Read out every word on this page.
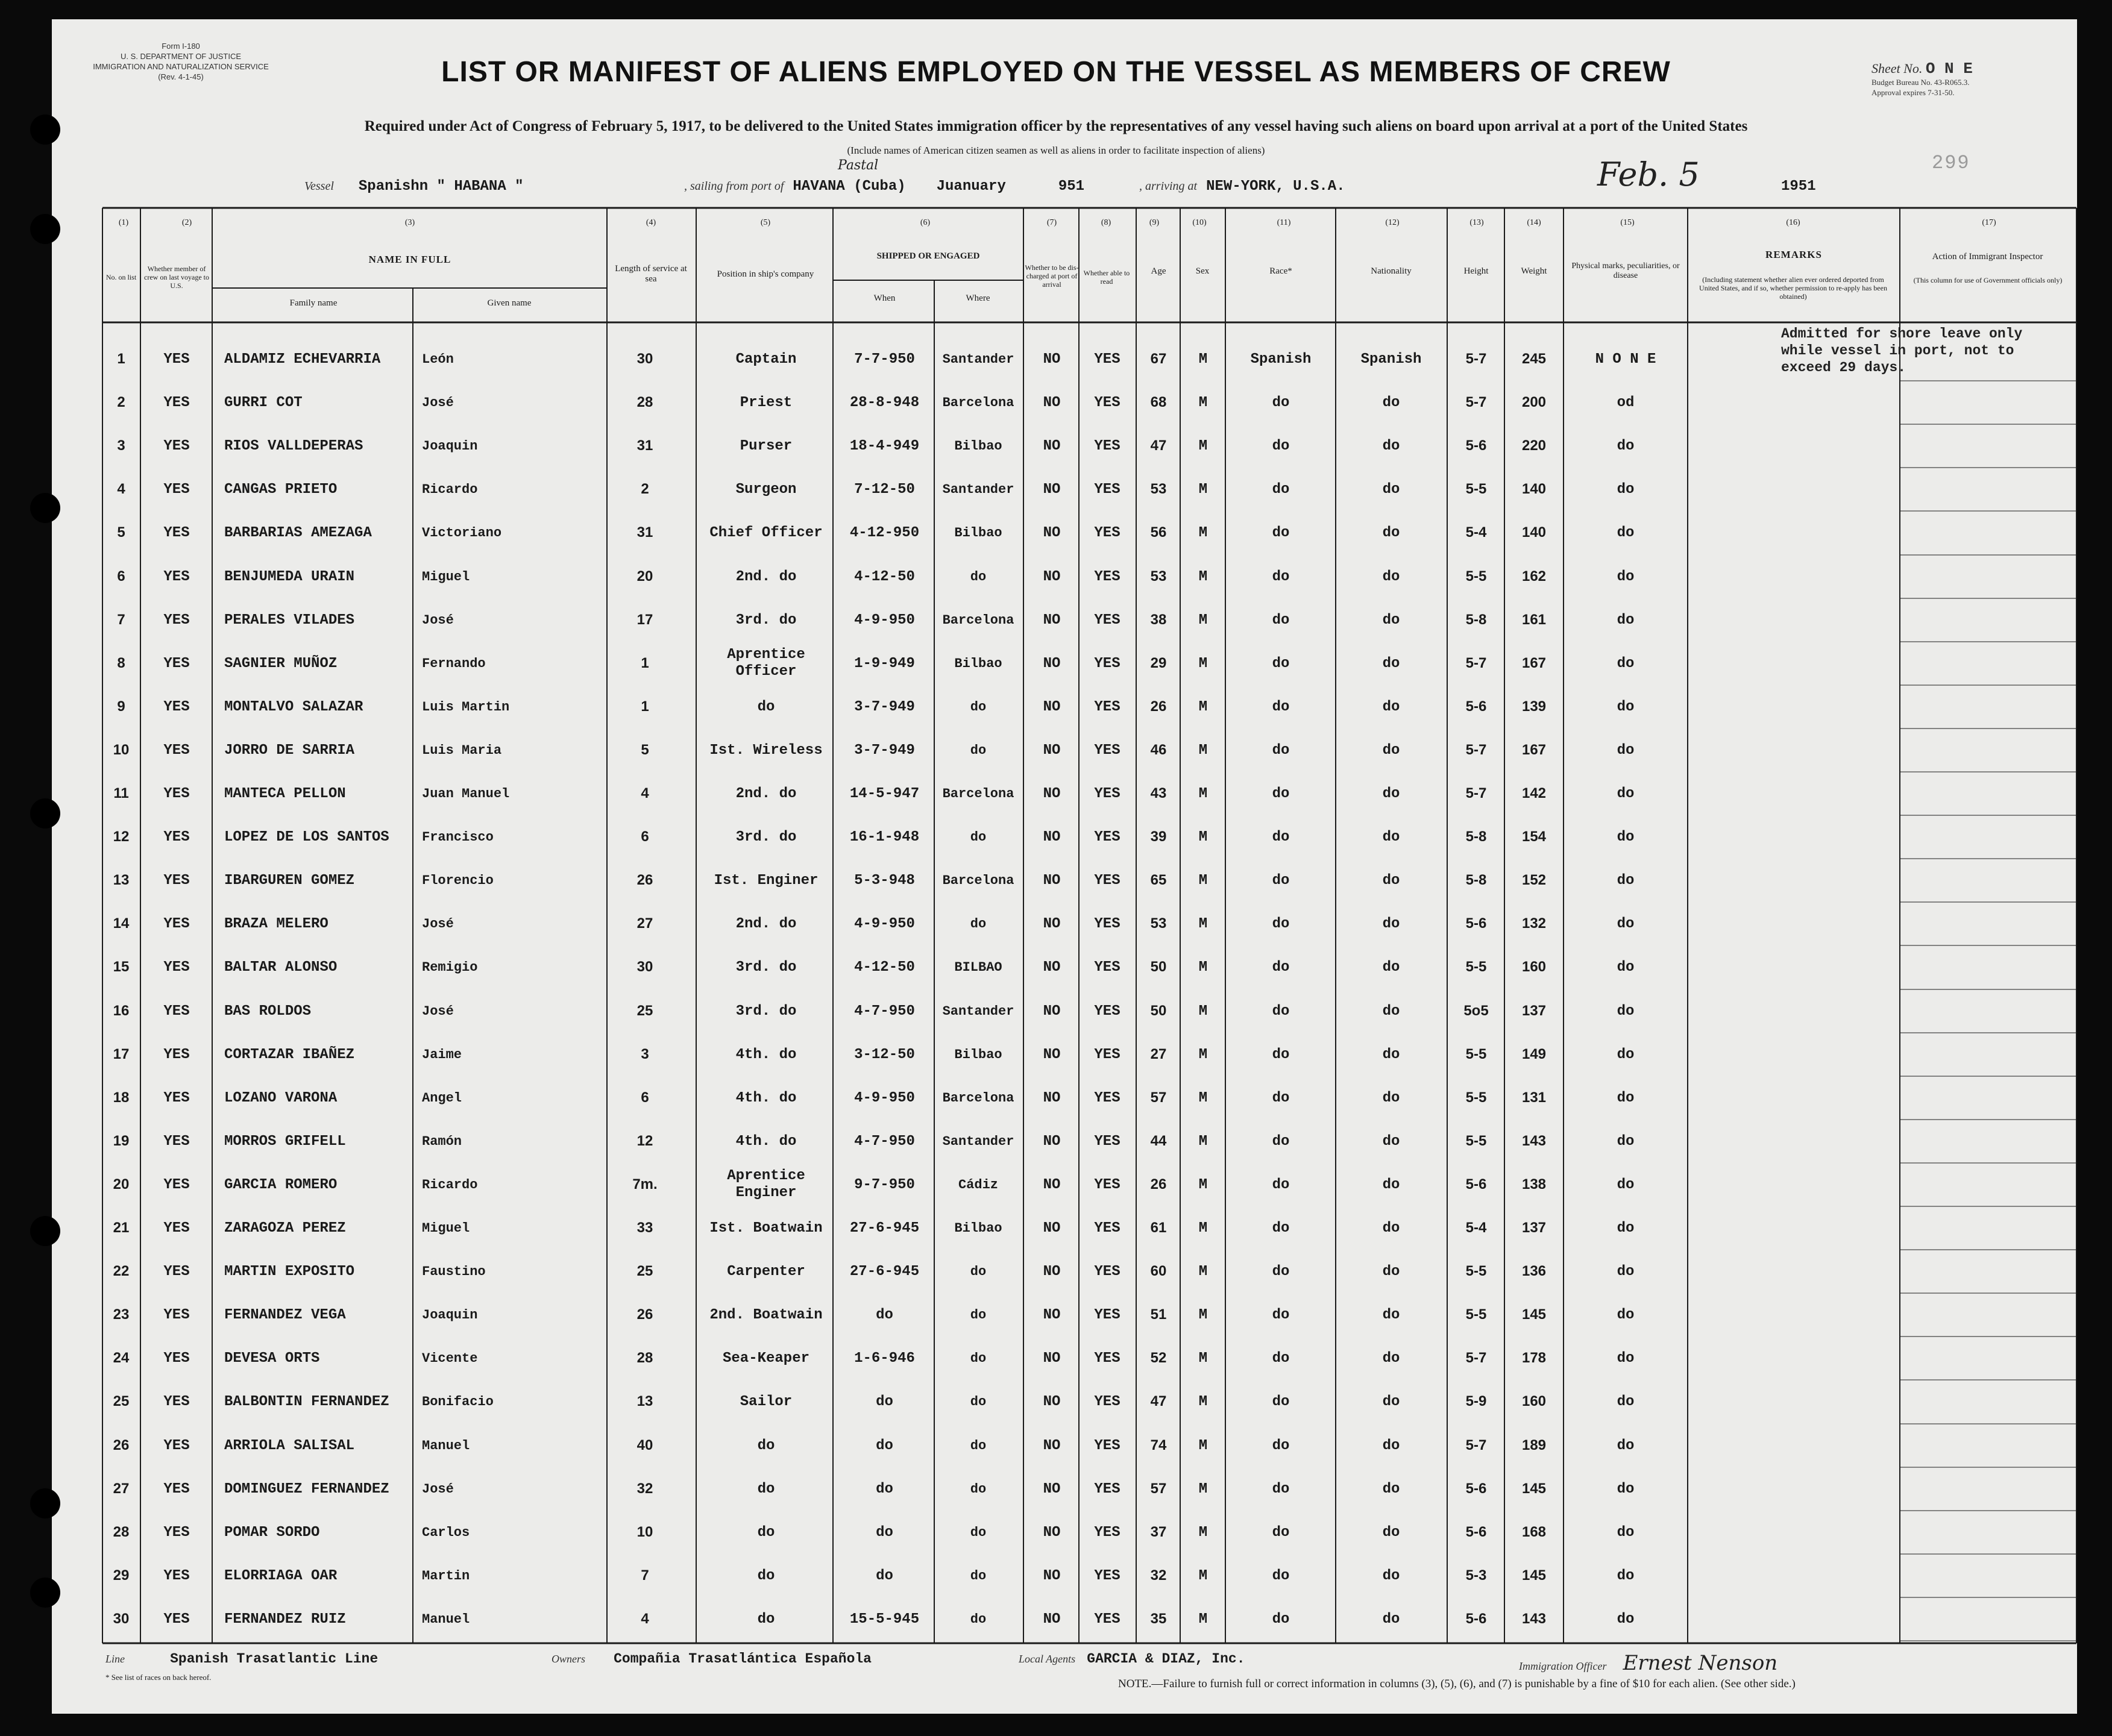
Form I-180
U. S. DEPARTMENT OF JUSTICE
IMMIGRATION AND NATURALIZATION SERVICE
(Rev. 4-1-45)	LIST OR MANIFEST OF ALIENS EMPLOYED ON THE VESSEL AS MEMBERS OF CREW	Sheet No. O N E
Budget Bureau No. 43-R065.3.
Approval expires 7-31-50.
Required under Act of Congress of February 5, 1917, to be delivered to the United States immigration officer by the representatives of any vessel having such aliens on board upon arrival at a port of the United States
(Include names of American citizen seamen as well as aliens in order to facilitate inspection of aliens)
299
Vessel Spanishn " HABANA "	, sailing from port of HAVANA (Cuba) Juanuary	951
Pastal
, arriving at NEW-YORK, U.S.A.	Feb. 5	1951
(1)	(2)	(3)	(4)	(5)	(6)	(7)	(8)	(9)	(10)	(11)	(12)	(13)	(14)	(15)	(16)	(17)
No. on list
Whether member of crew on last voyage to U.S.
NAME IN FULL
Family name	Given name
Length of service at sea
Position in ship's company
SHIPPED OR ENGAGED
When	Where
Whether to be dis-charged at port of arrival
Whether able to read
Age	Sex	Race*	Nationality	Height	Weight	Physical marks, peculiarities, or disease
REMARKS
(Including statement whether alien ever ordered deported from United States, and if so, whether permission to re-apply has been obtained)
Action of Immigrant Inspector
(This column for use of Government officials only)
1	YES	ALDAMIZ ECHEVARRIA	León	30	Captain	7-7-950	Santander	NO	YES	67	M	Spanish	Spanish	5-7	245	N O N E
2	YES	GURRI COT	José	28	Priest	28-8-948	Barcelona	NO	YES	68	M	do	do	5-7	200	od
3	YES	RIOS VALLDEPERAS	Joaquin	31	Purser	18-4-949	Bilbao	NO	YES	47	M	do	do	5-6	220	do
4	YES	CANGAS PRIETO	Ricardo	2	Surgeon	7-12-50	Santander	NO	YES	53	M	do	do	5-5	140	do
5	YES	BARBARIAS AMEZAGA	Victoriano	31	Chief Officer	4-12-950	Bilbao	NO	YES	56	M	do	do	5-4	140	do
6	YES	BENJUMEDA URAIN	Miguel	20	2nd. do	4-12-50	do	NO	YES	53	M	do	do	5-5	162	do
7	YES	PERALES VILADES	José	17	3rd. do	4-9-950	Barcelona	NO	YES	38	M	do	do	5-8	161	do
8	YES	SAGNIER MUÑOZ	Fernando	1
Aprentice Officer	1-9-949	Bilbao	NO	YES	29	M	do	do	5-7	167	do
9	YES	MONTALVO SALAZAR	Luis Martin	1	do	3-7-949	do	NO	YES	26	M	do	do	5-6	139	do
10	YES	JORRO DE SARRIA	Luis Maria	5	Ist. Wireless	3-7-949	do	NO	YES	46	M	do	do	5-7	167	do
11	YES	MANTECA PELLON	Juan Manuel	4	2nd. do	14-5-947	Barcelona	NO	YES	43	M	do	do	5-7	142	do
12	YES	LOPEZ DE LOS SANTOS	Francisco	6	3rd. do	16-1-948	do	NO	YES	39	M	do	do	5-8	154	do
13	YES	IBARGUREN GOMEZ	Florencio	26	Ist. Enginer	5-3-948	Barcelona	NO	YES	65	M	do	do	5-8	152	do
14	YES	BRAZA MELERO	José	27	2nd. do	4-9-950	do	NO	YES	53	M	do	do	5-6	132	do
15	YES	BALTAR ALONSO	Remigio	30	3rd. do	4-12-50	BILBAO	NO	YES	50	M	do	do	5-5	160	do
16	YES	BAS ROLDOS	José	25	3rd. do	4-7-950	Santander	NO	YES	50	M	do	do	5o5	137	do
17	YES	CORTAZAR IBAÑEZ	Jaime	3	4th. do	3-12-50	Bilbao	NO	YES	27	M	do	do	5-5	149	do
18	YES	LOZANO VARONA	Angel	6	4th. do	4-9-950	Barcelona	NO	YES	57	M	do	do	5-5	131	do
19	YES	MORROS GRIFELL	Ramón	12	4th. do	4-7-950	Santander	NO	YES	44	M	do	do	5-5	143	do
20	YES	GARCIA ROMERO	Ricardo	7m.
Aprentice Enginer	9-7-950	Cádiz	NO	YES	26	M	do	do	5-6	138	do
21	YES	ZARAGOZA PEREZ	Miguel	33	Ist. Boatwain	27-6-945	Bilbao	NO	YES	61	M	do	do	5-4	137	do
22	YES	MARTIN EXPOSITO	Faustino	25	Carpenter	27-6-945	do	NO	YES	60	M	do	do	5-5	136	do
23	YES	FERNANDEZ VEGA	Joaquin	26	2nd. Boatwain	do	do	NO	YES	51	M	do	do	5-5	145	do
24	YES	DEVESA ORTS	Vicente	28	Sea-Keaper	1-6-946	do	NO	YES	52	M	do	do	5-7	178	do
25	YES	BALBONTIN FERNANDEZ	Bonifacio	13	Sailor	do	do	NO	YES	47	M	do	do	5-9	160	do
26	YES	ARRIOLA SALISAL	Manuel	40	do	do	do	NO	YES	74	M	do	do	5-7	189	do
27	YES	DOMINGUEZ FERNANDEZ	José	32	do	do	do	NO	YES	57	M	do	do	5-6	145	do
28	YES	POMAR SORDO	Carlos	10	do	do	do	NO	YES	37	M	do	do	5-6	168	do
29	YES	ELORRIAGA OAR	Martin	7	do	do	do	NO	YES	32	M	do	do	5-3	145	do
30	YES	FERNANDEZ RUIZ	Manuel	4	do	15-5-945	do	NO	YES	35	M	do	do	5-6	143	do
Admitted for shore leave only while vessel in port, not to exceed 29 days.
Line	Spanish Trasatlantic Line	Owners Compañia Trasatlántica Española	Local Agents GARCIA & DIAZ, Inc.	Immigration Officer Ernest Nenson
* See list of races on back hereof.
NOTE.—Failure to furnish full or correct information in columns (3), (5), (6), and (7) is punishable by a fine of $10 for each alien. (See other side.)
